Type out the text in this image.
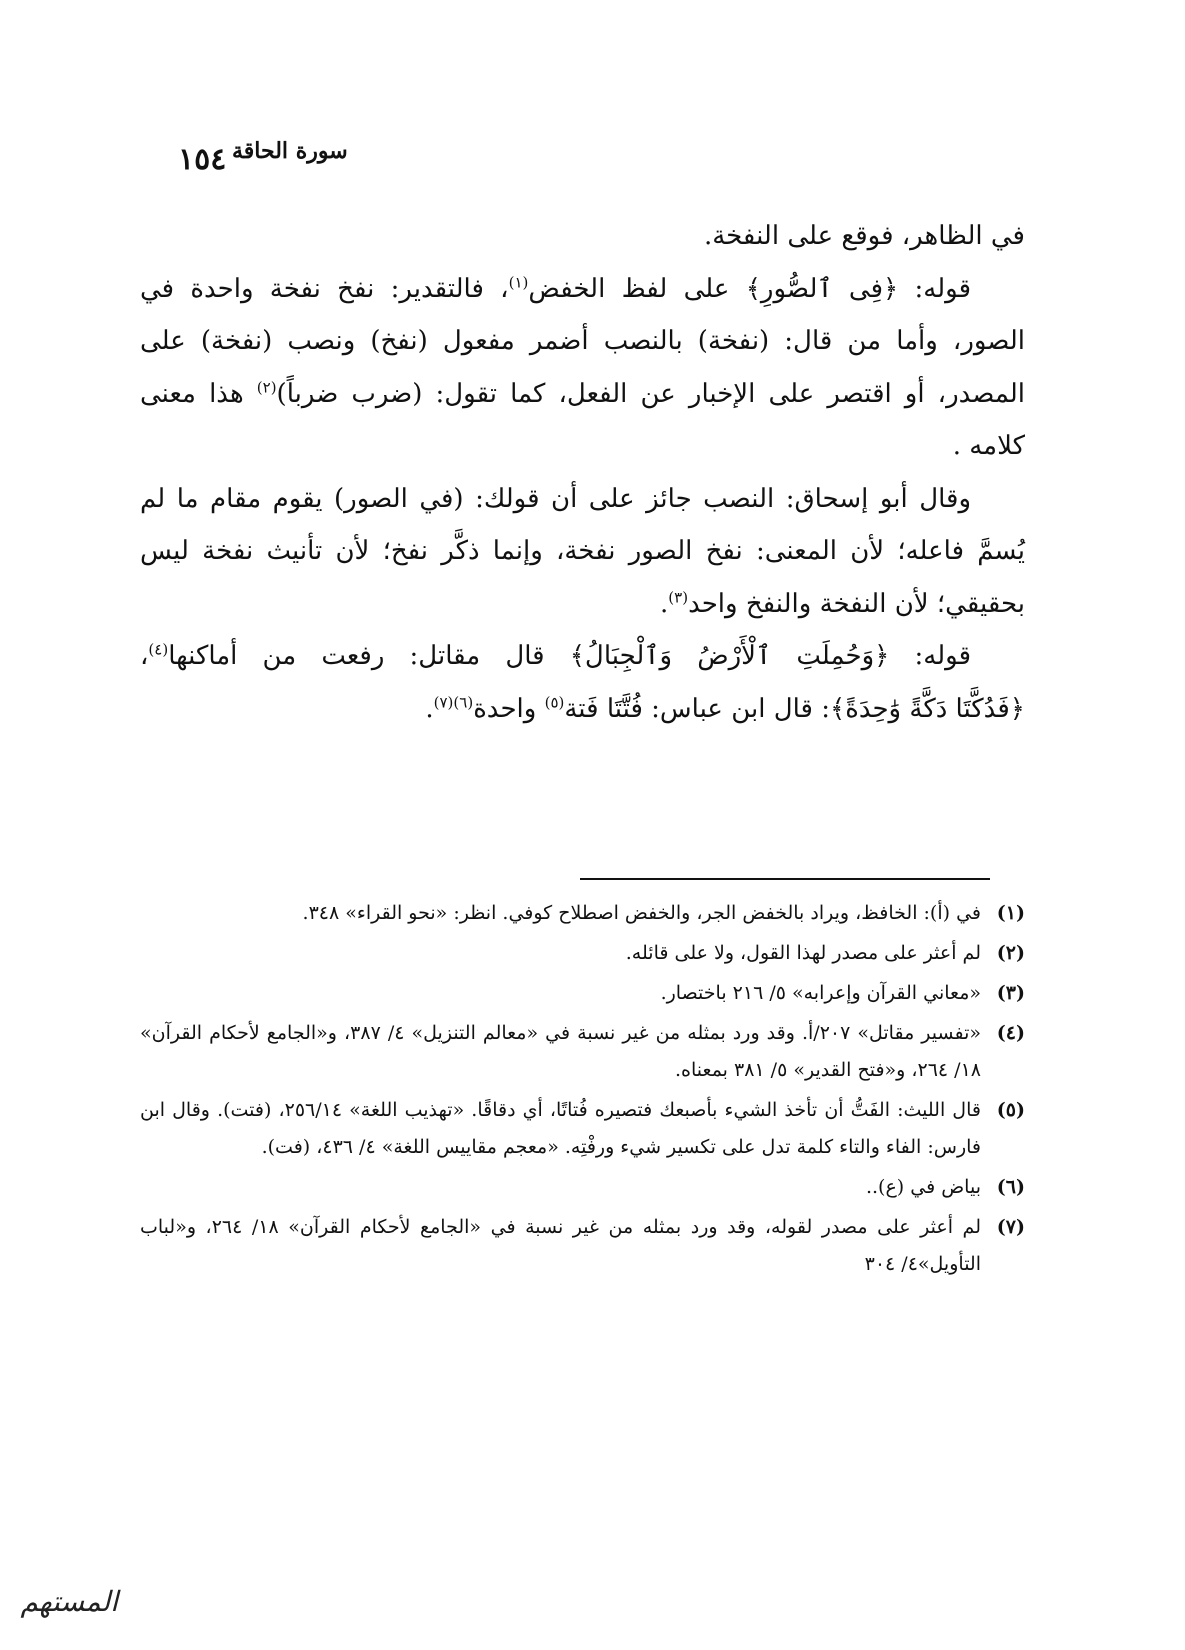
١٥٤ سورة الحاقة

في الظاهر، فوقع على النفخة.

قوله: ﴿فِى ٱلصُّورِ﴾ على لفظ الخفض$^{(١)}$، فالتقدير: نفخ نفخة واحدة في الصور، وأما من قال: (نفخة) بالنصب أضمر مفعول (نفخ) ونصب (نفخة) على المصدر، أو اقتصر على الإخبار عن الفعل، كما تقول: (ضرب ضرباً)$^{(٢)}$ هذا معنى كلامه .

وقال أبو إسحاق: النصب جائز على أن قولك: (في الصور) يقوم مقام ما لم يُسمَّ فاعله؛ لأن المعنى: نفخ الصور نفخة، وإنما ذكَّر نفخ؛ لأن تأنيث نفخة ليس بحقيقي؛ لأن النفخة والنفخ واحد$^{(٣)}$.

قوله: ﴿وَحُمِلَتِ ٱلْأَرْضُ وَٱلْجِبَالُ﴾ قال مقاتل: رفعت من أماكنها$^{(٤)}$، ﴿فَدُكَّتَا دَكَّةً وَٰحِدَةً﴾: قال ابن عباس: فُتَّتَا فَتة$^{(٥)}$ واحدة$^{(٦)(٧)}$.

(١)
في (أ): الخافظ، ويراد بالخفض الجر، والخفض اصطلاح كوفي. انظر: «نحو القراء» ٣٤٨.
(٢)
لم أعثر على مصدر لهذا القول، ولا على قائله.
(٣)
«معاني القرآن وإعرابه» ٥/ ٢١٦ باختصار.
(٤)
«تفسير مقاتل» ٢٠٧/أ. وقد ورد بمثله من غير نسبة في «معالم التنزيل» ٤/ ٣٨٧، و«الجامع لأحكام القرآن» ١٨/ ٢٦٤، و«فتح القدير» ٥/ ٣٨١ بمعناه.
(٥)
قال الليث: الفَتُّ أن تأخذ الشيء بأصبعك فتصيره فُتاتًا، أي دقاقًا. «تهذيب اللغة» ٢٥٦/١٤، (فتت). وقال ابن فارس: الفاء والتاء كلمة تدل على تكسير شيء ورفْتِه. «معجم مقاييس اللغة» ٤/ ٤٣٦، (فت).
(٦)
بياض في (ع)..
(٧)
لم أعثر على مصدر لقوله، وقد ورد بمثله من غير نسبة في «الجامع لأحكام القرآن» ١٨/ ٢٦٤، و«لباب التأويل»٤/ ٣٠٤
المستهم
